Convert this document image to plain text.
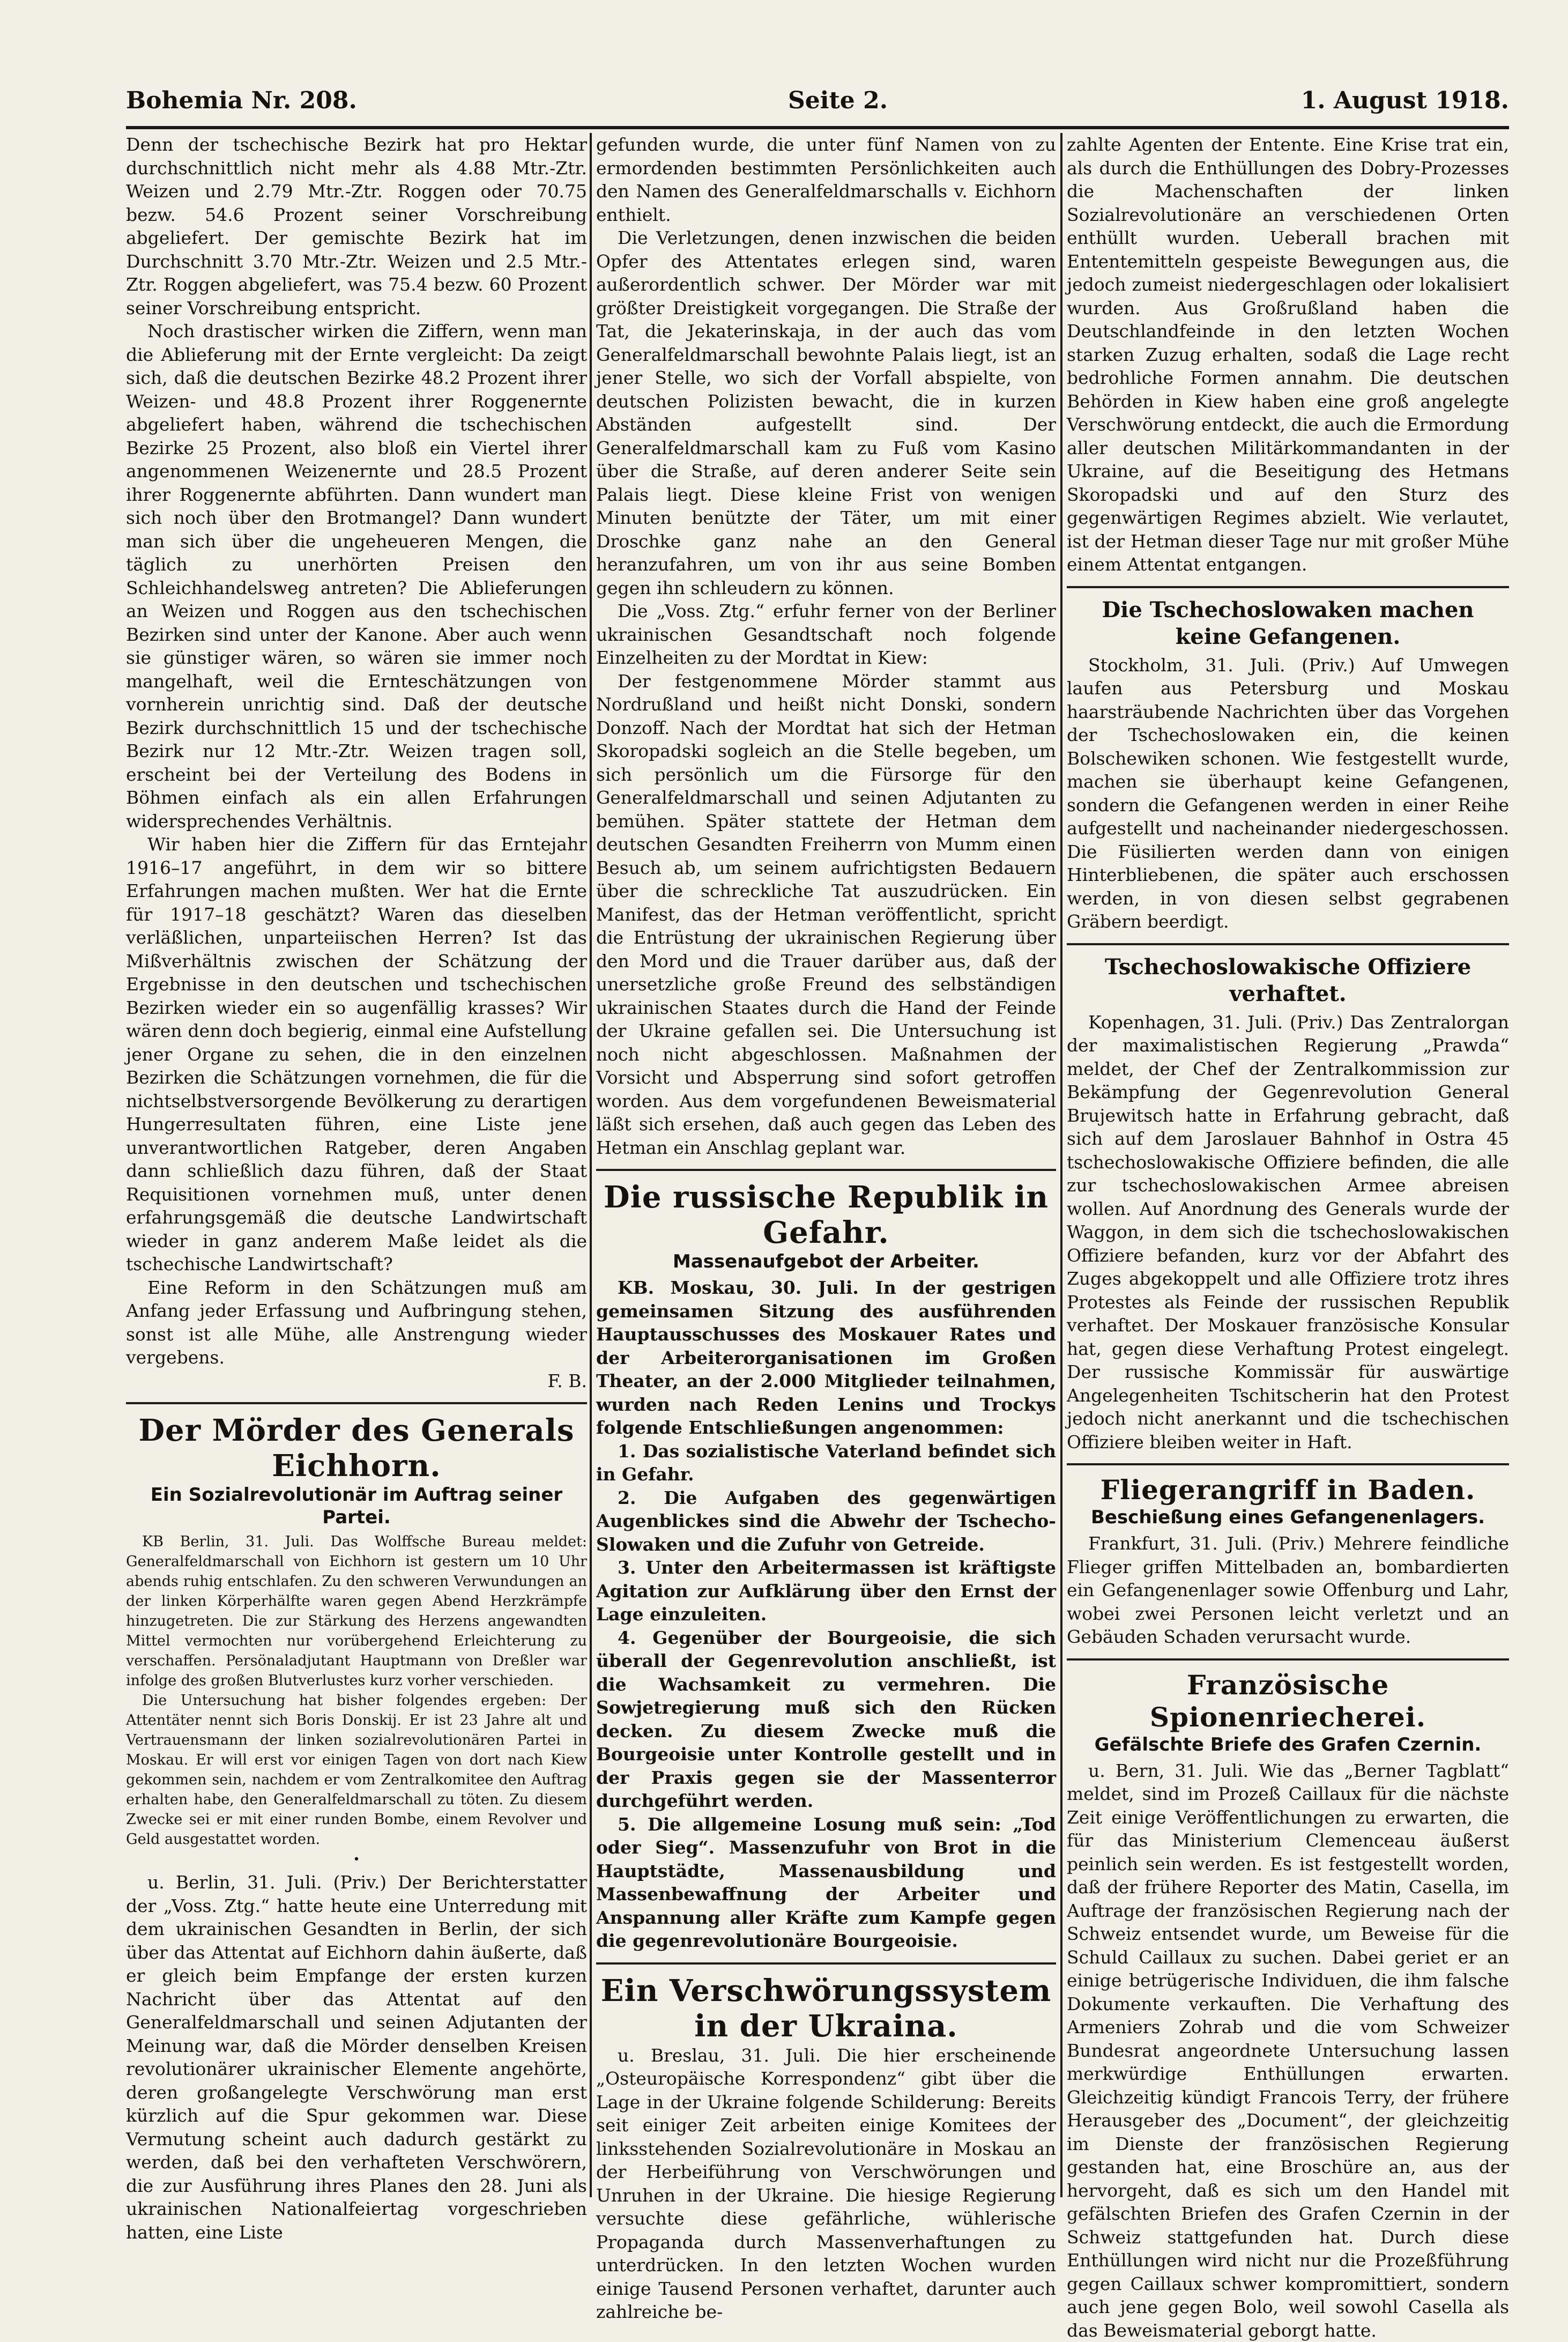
Bohemia Nr. 208.	Seite 2.	1. August 1918.

Denn der tschechische Bezirk hat pro Hektar durchschnittlich nicht mehr als 4.88 Mtr.-Ztr. Weizen und 2.79 Mtr.-Ztr. Roggen oder 70.75 bezw. 54.6 Prozent seiner Vorschreibung abgeliefert. Der gemischte Bezirk hat im Durchschnitt 3.70 Mtr.-Ztr. Weizen und 2.5 Mtr.-Ztr. Roggen abgeliefert, was 75.4 bezw. 60 Prozent seiner Vorschreibung entspricht.

Noch drastischer wirken die Ziffern, wenn man die Ablieferung mit der Ernte vergleicht: Da zeigt sich, daß die deutschen Bezirke 48.2 Prozent ihrer Weizen- und 48.8 Prozent ihrer Roggenernte abgeliefert haben, während die tschechischen Bezirke 25 Prozent, also bloß ein Viertel ihrer angenommenen Weizenernte und 28.5 Prozent ihrer Roggenernte abführten. Dann wundert man sich noch über den Brotmangel? Dann wundert man sich über die ungeheueren Mengen, die täglich zu unerhörten Preisen den Schleichhandelsweg antreten? Die Ablieferungen an Weizen und Roggen aus den tschechischen Bezirken sind unter der Kanone. Aber auch wenn sie günstiger wären, so wären sie immer noch mangelhaft, weil die Ernteschätzungen von vornherein unrichtig sind. Daß der deutsche Bezirk durchschnittlich 15 und der tschechische Bezirk nur 12 Mtr.-Ztr. Weizen tragen soll, erscheint bei der Verteilung des Bodens in Böhmen einfach als ein allen Erfahrungen widersprechendes Verhältnis.

Wir haben hier die Ziffern für das Erntejahr 1916–17 angeführt, in dem wir so bittere Erfahrungen machen mußten. Wer hat die Ernte für 1917–18 geschätzt? Waren das dieselben verläßlichen, unparteiischen Herren? Ist das Mißverhältnis zwischen der Schätzung der Ergebnisse in den deutschen und tschechischen Bezirken wieder ein so augenfällig krasses? Wir wären denn doch begierig, einmal eine Aufstellung jener Organe zu sehen, die in den einzelnen Bezirken die Schätzungen vornehmen, die für die nichtselbstversorgende Bevölkerung zu derartigen Hungerresultaten führen, eine Liste jene unverantwortlichen Ratgeber, deren Angaben dann schließlich dazu führen, daß der Staat Requisitionen vornehmen muß, unter denen erfahrungsgemäß die deutsche Landwirtschaft wieder in ganz anderem Maße leidet als die tschechische Landwirtschaft?

Eine Reform in den Schätzungen muß am Anfang jeder Erfassung und Aufbringung stehen, sonst ist alle Mühe, alle Anstrengung wieder vergebens.

F. B.
Der Mörder des Generals Eichhorn.
Ein Sozialrevolutionär im Auftrag seiner Partei.

KB Berlin, 31. Juli. Das Wolffsche Bureau meldet: Generalfeldmarschall von Eichhorn ist gestern um 10 Uhr abends ruhig entschlafen. Zu den schweren Verwundungen an der linken Körperhälfte waren gegen Abend Herzkrämpfe hinzugetreten. Die zur Stärkung des Herzens angewandten Mittel vermochten nur vorübergehend Erleichterung zu verschaffen. Persönaladjutant Hauptmann von Dreßler war infolge des großen Blutverlustes kurz vorher verschieden.

Die Untersuchung hat bisher folgendes ergeben: Der Attentäter nennt sich Boris Donskij. Er ist 23 Jahre alt und Vertrauensmann der linken sozialrevolutionären Partei in Moskau. Er will erst vor einigen Tagen von dort nach Kiew gekommen sein, nachdem er vom Zentralkomitee den Auftrag erhalten habe, den Generalfeldmarschall zu töten. Zu diesem Zwecke sei er mit einer runden Bombe, einem Revolver und Geld ausgestattet worden.

•

u. Berlin, 31. Juli. (Priv.) Der Berichterstatter der „Voss. Ztg.“ hatte heute eine Unterredung mit dem ukrainischen Gesandten in Berlin, der sich über das Attentat auf Eichhorn dahin äußerte, daß er gleich beim Empfange der ersten kurzen Nachricht über das Attentat auf den Generalfeldmarschall und seinen Adjutanten der Meinung war, daß die Mörder denselben Kreisen revolutionärer ukrainischer Elemente angehörte, deren großangelegte Verschwörung man erst kürzlich auf die Spur gekommen war. Diese Vermutung scheint auch dadurch gestärkt zu werden, daß bei den verhafteten Verschwörern, die zur Ausführung ihres Planes den 28. Juni als ukrainischen Nationalfeiertag vorgeschrieben hatten, eine Liste

gefunden wurde, die unter fünf Namen von zu ermordenden bestimmten Persönlichkeiten auch den Namen des Generalfeldmarschalls v. Eichhorn enthielt.

Die Verletzungen, denen inzwischen die beiden Opfer des Attentates erlegen sind, waren außerordentlich schwer. Der Mörder war mit größter Dreistigkeit vorgegangen. Die Straße der Tat, die Jekaterinskaja, in der auch das vom Generalfeldmarschall bewohnte Palais liegt, ist an jener Stelle, wo sich der Vorfall abspielte, von deutschen Polizisten bewacht, die in kurzen Abständen aufgestellt sind. Der Generalfeldmarschall kam zu Fuß vom Kasino über die Straße, auf deren anderer Seite sein Palais liegt. Diese kleine Frist von wenigen Minuten benützte der Täter, um mit einer Droschke ganz nahe an den General heranzufahren, um von ihr aus seine Bomben gegen ihn schleudern zu können.

Die „Voss. Ztg.“ erfuhr ferner von der Berliner ukrainischen Gesandtschaft noch folgende Einzelheiten zu der Mordtat in Kiew:

Der festgenommene Mörder stammt aus Nordrußland und heißt nicht Donski, sondern Donzoff. Nach der Mordtat hat sich der Hetman Skoropadski sogleich an die Stelle begeben, um sich persönlich um die Fürsorge für den Generalfeldmarschall und seinen Adjutanten zu bemühen. Später stattete der Hetman dem deutschen Gesandten Freiherrn von Mumm einen Besuch ab, um seinem aufrichtigsten Bedauern über die schreckliche Tat auszudrücken. Ein Manifest, das der Hetman veröffentlicht, spricht die Entrüstung der ukrainischen Regierung über den Mord und die Trauer darüber aus, daß der unersetzliche große Freund des selbständigen ukrainischen Staates durch die Hand der Feinde der Ukraine gefallen sei. Die Untersuchung ist noch nicht abgeschlossen. Maßnahmen der Vorsicht und Absperrung sind sofort getroffen worden. Aus dem vorgefundenen Beweismaterial läßt sich ersehen, daß auch gegen das Leben des Hetman ein Anschlag geplant war.

Die russische Republik in Gefahr.
Massenaufgebot der Arbeiter.

KB. Moskau, 30. Juli. In der gestrigen gemeinsamen Sitzung des ausführenden Hauptausschusses des Moskauer Rates und der Arbeiterorganisationen im Großen Theater, an der 2.000 Mitglieder teilnahmen, wurden nach Reden Lenins und Trockys folgende Entschließungen angenommen:

1. Das sozialistische Vaterland befindet sich in Gefahr.

2. Die Aufgaben des gegenwärtigen Augenblickes sind die Abwehr der Tschecho-Slowaken und die Zufuhr von Getreide.

3. Unter den Arbeitermassen ist kräftigste Agitation zur Aufklärung über den Ernst der Lage einzuleiten.

4. Gegenüber der Bourgeoisie, die sich überall der Gegenrevolution anschließt, ist die Wachsamkeit zu vermehren. Die Sowjetregierung muß sich den Rücken decken. Zu diesem Zwecke muß die Bourgeoisie unter Kontrolle gestellt und in der Praxis gegen sie der Massenterror durchgeführt werden.

5. Die allgemeine Losung muß sein: „Tod oder Sieg“. Massenzufuhr von Brot in die Hauptstädte, Massenausbildung und Massenbewaffnung der Arbeiter und Anspannung aller Kräfte zum Kampfe gegen die gegenrevolutionäre Bourgeoisie.

Ein Verschwörungssystem in der Ukraina.

u. Breslau, 31. Juli. Die hier erscheinende „Osteuropäische Korrespondenz“ gibt über die Lage in der Ukraine folgende Schilderung: Bereits seit einiger Zeit arbeiten einige Komitees der linksstehenden Sozialrevolutionäre in Moskau an der Herbeiführung von Verschwörungen und Unruhen in der Ukraine. Die hiesige Regierung versuchte diese gefährliche, wühlerische Propaganda durch Massenverhaftungen zu unterdrücken. In den letzten Wochen wurden einige Tausend Personen verhaftet, darunter auch zahlreiche be-

zahlte Agenten der Entente. Eine Krise trat ein, als durch die Enthüllungen des Dobry-Prozesses die Machenschaften der linken Sozialrevolutionäre an verschiedenen Orten enthüllt wurden. Ueberall brachen mit Ententemitteln gespeiste Bewegungen aus, die jedoch zumeist niedergeschlagen oder lokalisiert wurden. Aus Großrußland haben die Deutschlandfeinde in den letzten Wochen starken Zuzug erhalten, sodaß die Lage recht bedrohliche Formen annahm. Die deutschen Behörden in Kiew haben eine groß angelegte Verschwörung entdeckt, die auch die Ermordung aller deutschen Militärkommandanten in der Ukraine, auf die Beseitigung des Hetmans Skoropadski und auf den Sturz des gegenwärtigen Regimes abzielt. Wie verlautet, ist der Hetman dieser Tage nur mit großer Mühe einem Attentat entgangen.

Die Tschechoslowaken machen keine Gefangenen.

Stockholm, 31. Juli. (Priv.) Auf Umwegen laufen aus Petersburg und Moskau haarsträubende Nachrichten über das Vorgehen der Tschechoslowaken ein, die keinen Bolschewiken schonen. Wie festgestellt wurde, machen sie überhaupt keine Gefangenen, sondern die Gefangenen werden in einer Reihe aufgestellt und nacheinander niedergeschossen. Die Füsilierten werden dann von einigen Hinterbliebenen, die später auch erschossen werden, in von diesen selbst gegrabenen Gräbern beerdigt.

Tschechoslowakische Offiziere verhaftet.

Kopenhagen, 31. Juli. (Priv.) Das Zentralorgan der maximalistischen Regierung „Prawda“ meldet, der Chef der Zentralkommission zur Bekämpfung der Gegenrevolution General Brujewitsch hatte in Erfahrung gebracht, daß sich auf dem Jaroslauer Bahnhof in Ostra 45 tschechoslowakische Offiziere befinden, die alle zur tschechoslowakischen Armee abreisen wollen. Auf Anordnung des Generals wurde der Waggon, in dem sich die tschechoslowakischen Offiziere befanden, kurz vor der Abfahrt des Zuges abgekoppelt und alle Offiziere trotz ihres Protestes als Feinde der russischen Republik verhaftet. Der Moskauer französische Konsular hat, gegen diese Verhaftung Protest eingelegt. Der russische Kommissär für auswärtige Angelegenheiten Tschitscherin hat den Protest jedoch nicht anerkannt und die tschechischen Offiziere bleiben weiter in Haft.

Fliegerangriff in Baden.
Beschießung eines Gefangenenlagers.

Frankfurt, 31. Juli. (Priv.) Mehrere feindliche Flieger griffen Mittelbaden an, bombardierten ein Gefangenenlager sowie Offenburg und Lahr, wobei zwei Personen leicht verletzt und an Gebäuden Schaden verursacht wurde.

Französische Spionenriecherei.
Gefälschte Briefe des Grafen Czernin.

u. Bern, 31. Juli. Wie das „Berner Tagblatt“ meldet, sind im Prozeß Caillaux für die nächste Zeit einige Veröffentlichungen zu erwarten, die für das Ministerium Clemenceau äußerst peinlich sein werden. Es ist festgestellt worden, daß der frühere Reporter des Matin, Casella, im Auftrage der französischen Regierung nach der Schweiz entsendet wurde, um Beweise für die Schuld Caillaux zu suchen. Dabei geriet er an einige betrügerische Individuen, die ihm falsche Dokumente verkauften. Die Verhaftung des Armeniers Zohrab und die vom Schweizer Bundesrat angeordnete Untersuchung lassen merkwürdige Enthüllungen erwarten. Gleichzeitig kündigt Francois Terry, der frühere Herausgeber des „Document“, der gleichzeitig im Dienste der französischen Regierung gestanden hat, eine Broschüre an, aus der hervorgeht, daß es sich um den Handel mit gefälschten Briefen des Grafen Czernin in der Schweiz stattgefunden hat. Durch diese Enthüllungen wird nicht nur die Prozeßführung gegen Caillaux schwer kompromittiert, sondern auch jene gegen Bolo, weil sowohl Casella als das Beweismaterial geborgt hatte.
